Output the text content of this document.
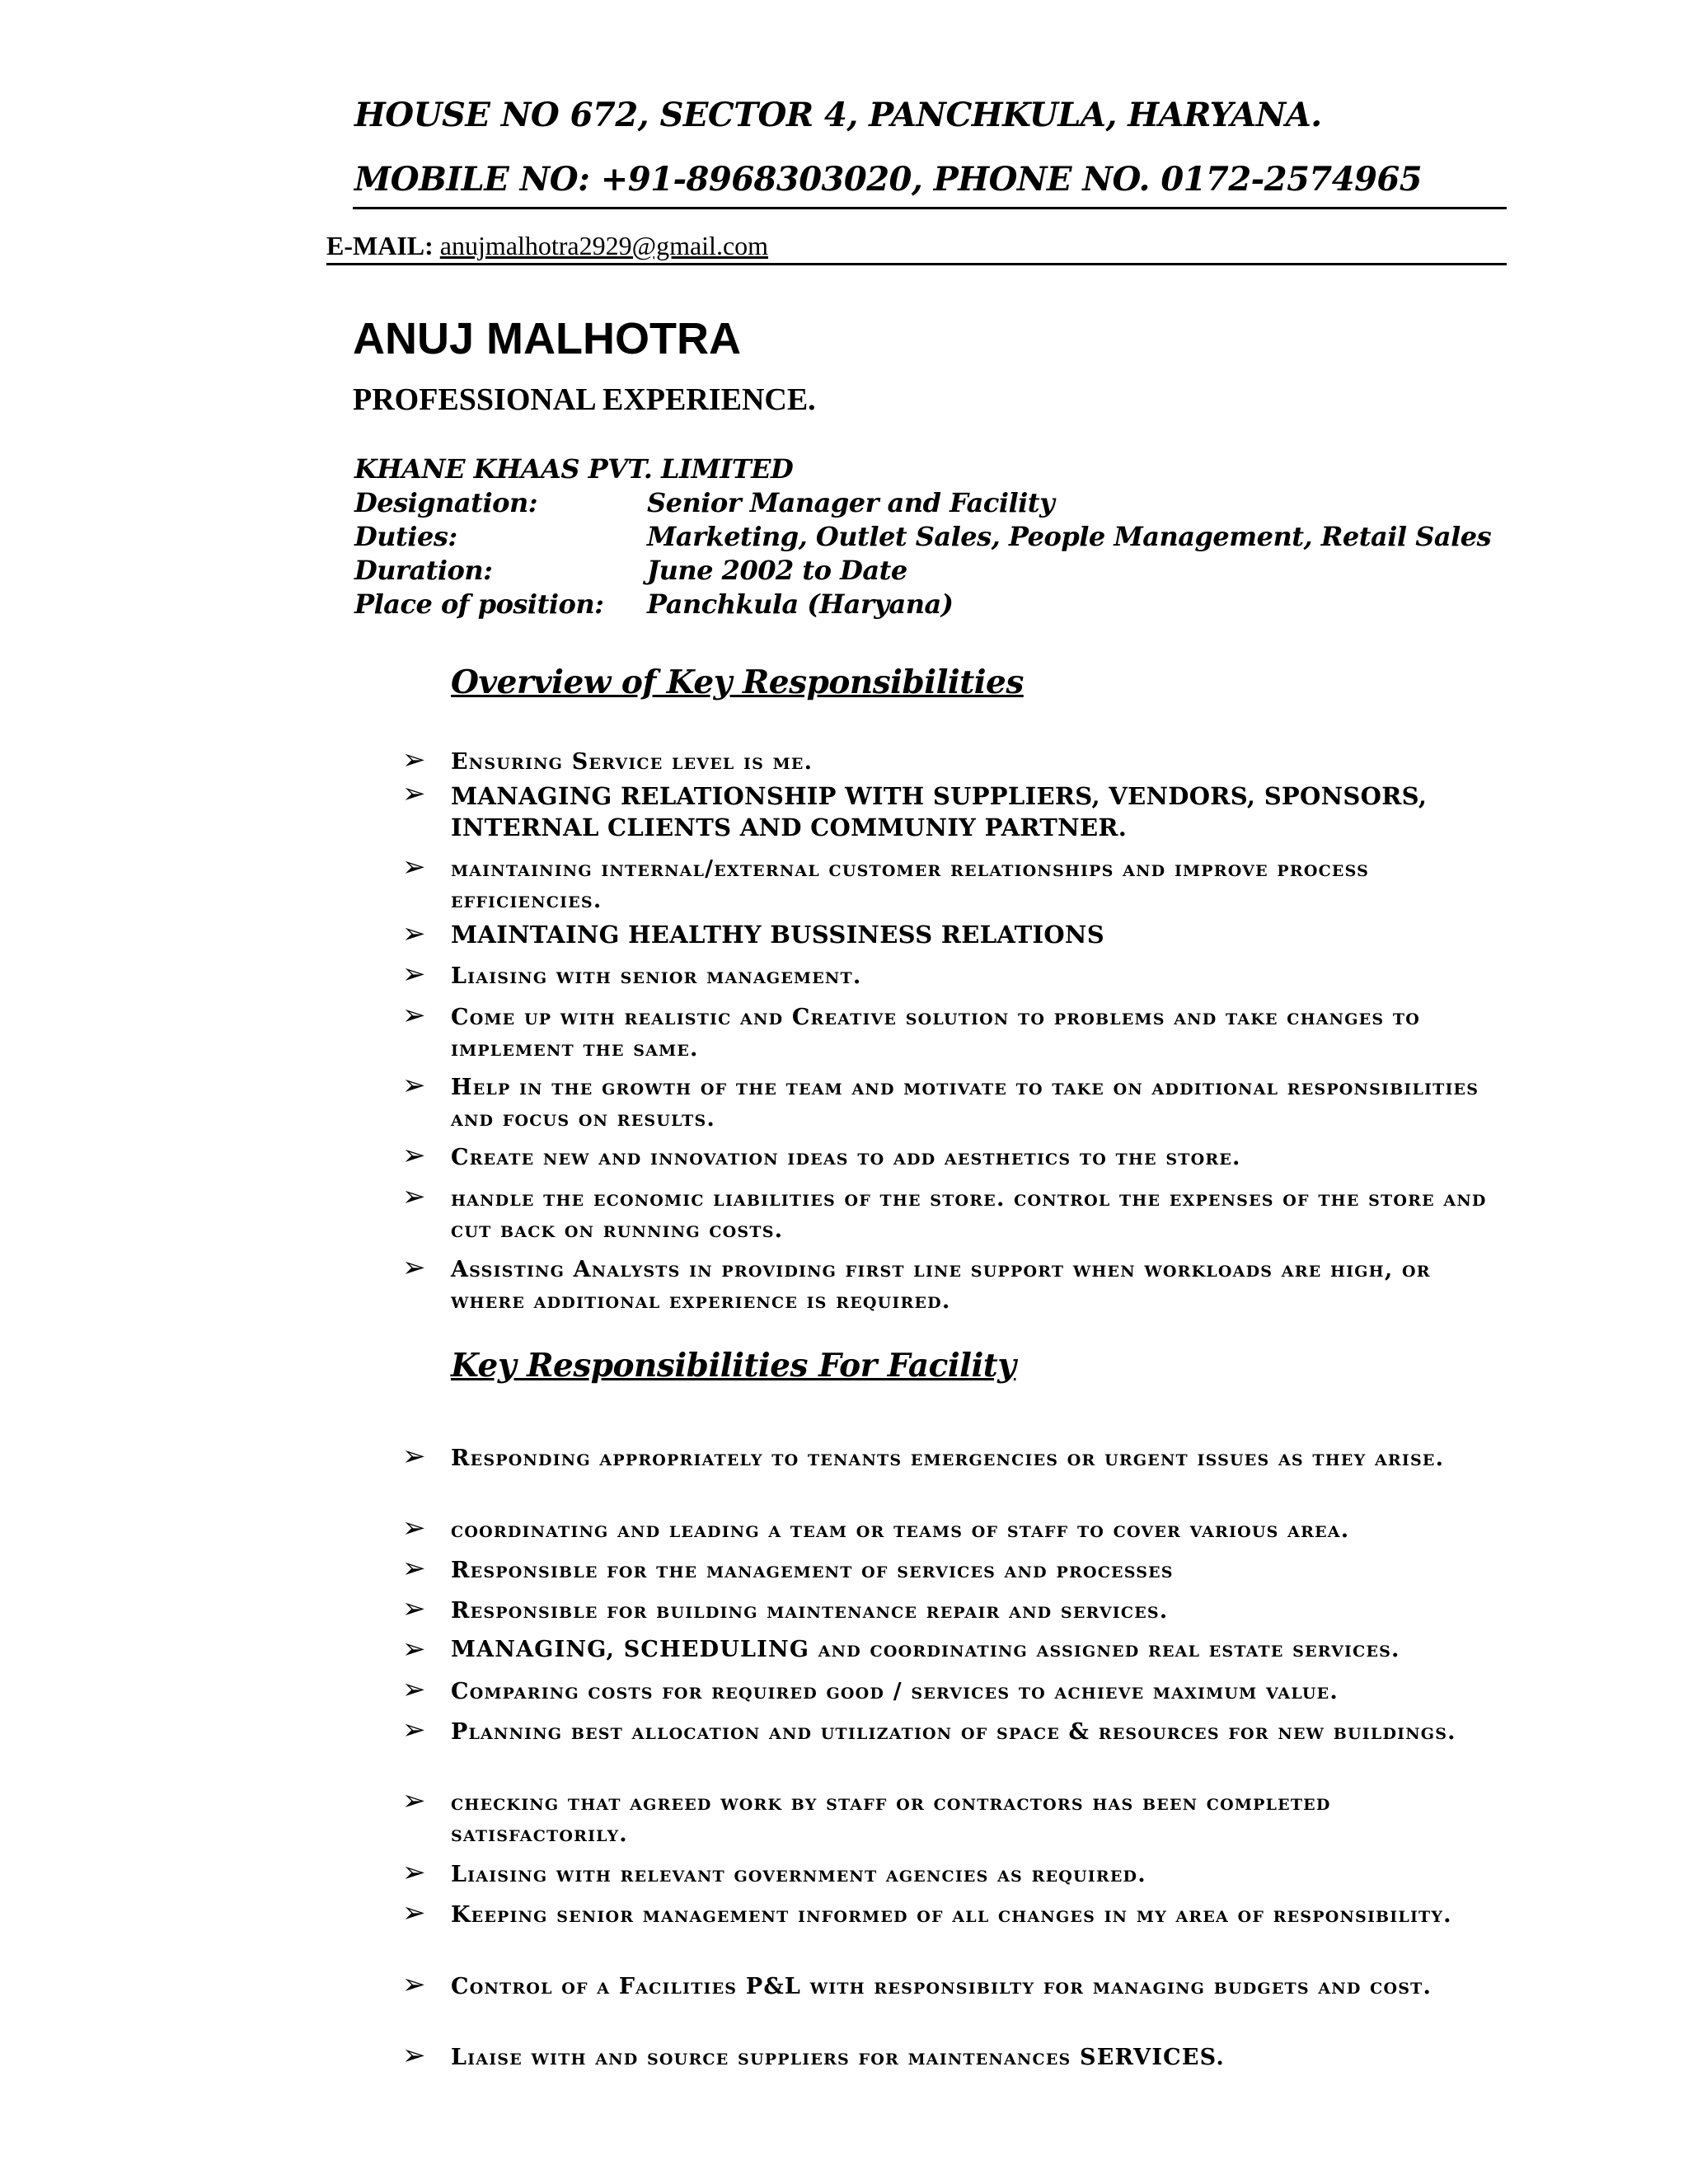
HOUSE NO 672, SECTOR 4, PANCHKULA, HARYANA.
MOBILE NO: +91-8968303020, PHONE NO. 0172-2574965
E-MAIL: anujmalhotra2929@gmail.com
ANUJ MALHOTRA
PROFESSIONAL EXPERIENCE.
KHANE KHAAS PVT. LIMITED
Designation:	Senior Manager and Facility
Duties:	Marketing, Outlet Sales, People Management, Retail Sales
Duration:	June 2002 to Date
Place of position: Panchkula (Haryana)
Overview of Key Responsibilities
➢ Ensuring Service level is me.
➢ MANAGING RELATIONSHIP WITH SUPPLIERS, VENDORS, SPONSORS, INTERNAL CLIENTS AND COMMUNIY PARTNER.
➢ maintaining internal/external customer relationships and improve process efficiencies.
➢ MAINTAING HEALTHY BUSSINESS RELATIONS
➢ Liaising with senior management.
➢ Come up with realistic and Creative solution to problems and take changes to implement the same.
➢ Help in the growth of the team and motivate to take on additional responsibilities and focus on results.
➢ Create new and innovation ideas to add aesthetics to the store.
➢ handle the economic liabilities of the store. control the expenses of the store and cut back on running costs.
➢ Assisting Analysts in providing first line support when workloads are high, or where additional experience is required.
Key Responsibilities For Facility
➢ Responding appropriately to tenants emergencies or urgent issues as they arise.
➢ coordinating and leading a team or teams of staff to cover various area.
➢ Responsible for the management of services and processes
➢ Responsible for building maintenance repair and services.
➢ MANAGING, SCHEDULING and coordinating assigned real estate services.
➢ Comparing costs for required good / services to achieve maximum value.
➢ Planning best allocation and utilization of space & resources for new buildings.
➢ checking that agreed work by staff or contractors has been completed satisfactorily.
➢ Liaising with relevant government agencies as required.
➢ Keeping senior management informed of all changes in my area of responsibility.
➢ Control of a Facilities P&L with responsibilty for managing budgets and cost.
➢ Liaise with and source suppliers for maintenances SERVICES.
